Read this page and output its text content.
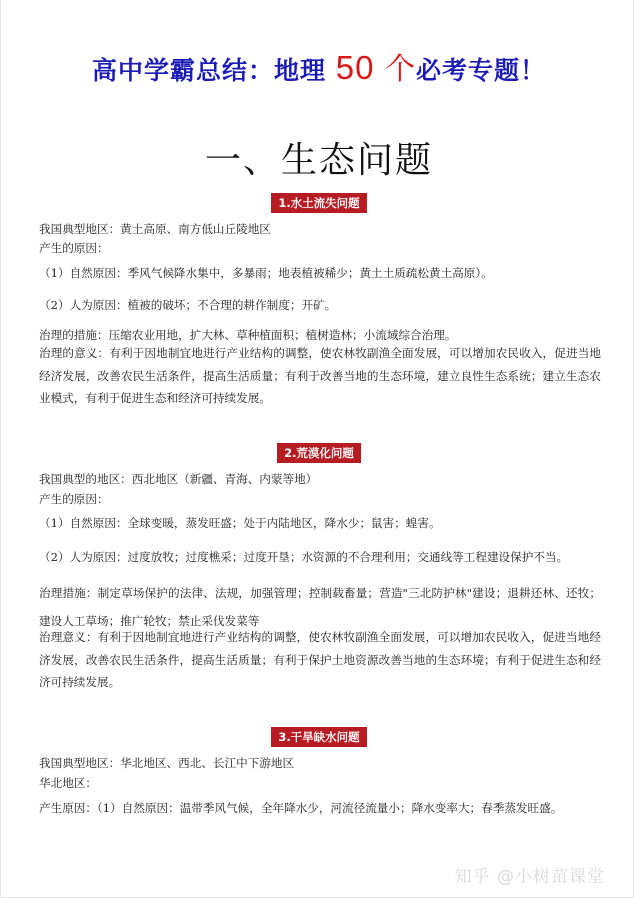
高中学霸总结：地理 50 个必考专题！
一、生态问题
1.水土流失问题
我国典型地区：黄土高原、南方低山丘陵地区
产生的原因：
（1）自然原因：季风气候降水集中，多暴雨；地表植被稀少；黄土土质疏松黄土高原）。
（2）人为原因：植被的破坏；不合理的耕作制度；开矿。
治理的措施：压缩农业用地，扩大林、草种植面积；植树造林；小流域综合治理。
治理的意义：有利于因地制宜地进行产业结构的调整，使农林牧副渔全面发展，可以增加农民收入，促进当地经济发展，改善农民生活条件，提高生活质量；有利于改善当地的生态环境，建立良性生态系统；建立生态农业模式，有利于促进生态和经济可持续发展。
2.荒漠化问题
我国典型的地区：西北地区（新疆、青海、内蒙等地）
产生的原因：
（1）自然原因：全球变暖，蒸发旺盛；处于内陆地区，降水少；鼠害；蝗害。
（2）人为原因：过度放牧；过度樵采；过度开垦；水资源的不合理利用；交通线等工程建设保护不当。
治理措施：制定草场保护的法律、法规，加强管理；控制载畜量；营造"三北防护林"建设；退耕还林、还牧；建设人工草场；推广轮牧；禁止采伐发菜等
治理意义：有利于因地制宜地进行产业结构的调整，使农林牧副渔全面发展，可以增加农民收入，促进当地经济发展，改善农民生活条件，提高生活质量；有利于保护土地资源改善当地的生态环境；有利于促进生态和经济可持续发展。
3.干旱缺水问题
我国典型地区：华北地区、西北、长江中下游地区
华北地区：
产生原因：（1）自然原因：温带季风气候，全年降水少，河流径流量小；降水变率大；春季蒸发旺盛。
知乎 @小树苗课堂
